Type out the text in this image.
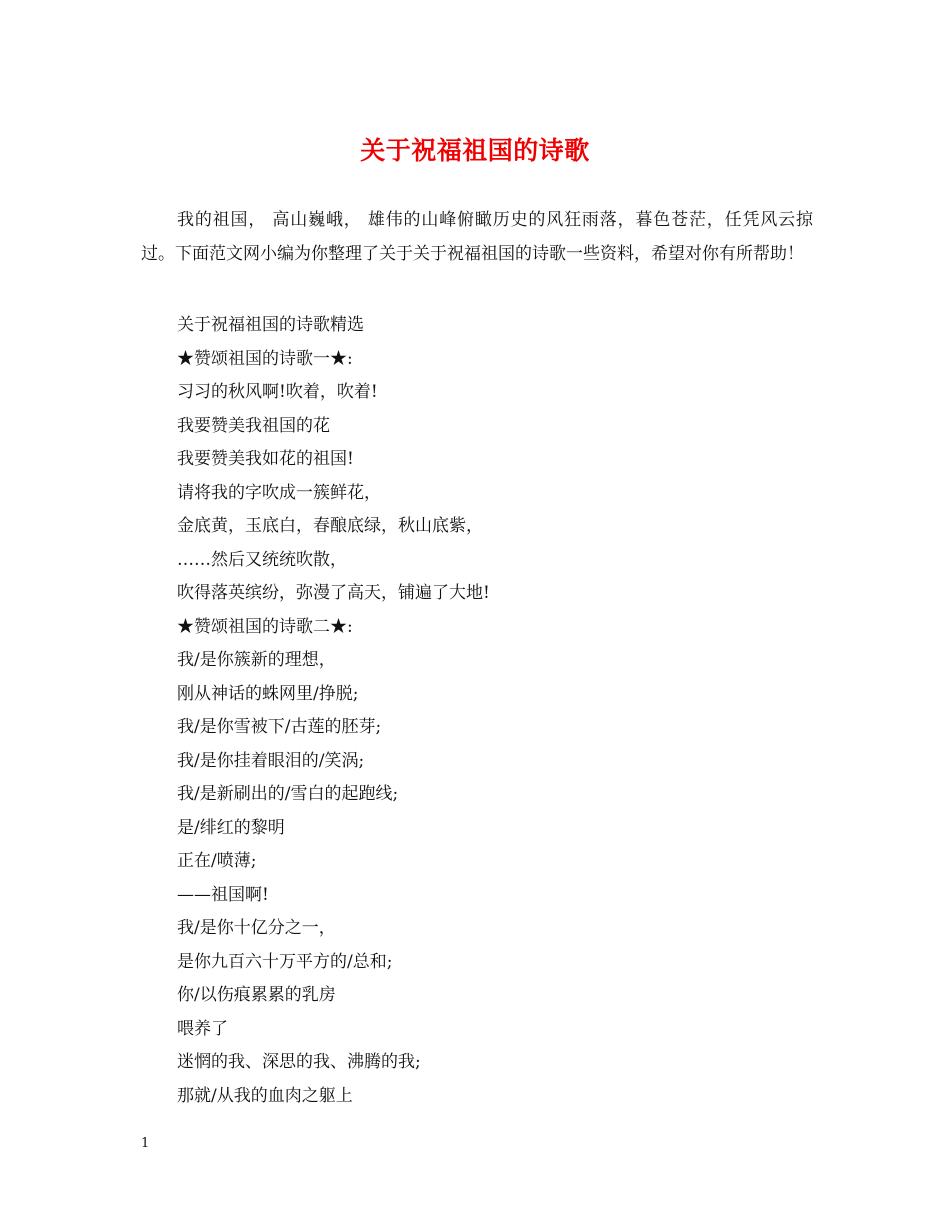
关于祝福祖国的诗歌

我的祖国， 高山巍峨， 雄伟的山峰俯瞰历史的风狂雨落，暮色苍茫，任凭风云掠过。下面范文网小编为你整理了关于关于祝福祖国的诗歌一些资料，希望对你有所帮助！

关于祝福祖国的诗歌精选
★赞颂祖国的诗歌一★:
习习的秋风啊!吹着，吹着!
我要赞美我祖国的花
我要赞美我如花的祖国!
请将我的字吹成一簇鲜花，
金底黄，玉底白，春酿底绿，秋山底紫，
……然后又统统吹散，
吹得落英缤纷，弥漫了高天，铺遍了大地!
★赞颂祖国的诗歌二★:
我/是你簇新的理想，
刚从神话的蛛网里/挣脱;
我/是你雪被下/古莲的胚芽;
我/是你挂着眼泪的/笑涡;
我/是新刷出的/雪白的起跑线;
是/绯红的黎明
正在/喷薄;
——祖国啊!
我/是你十亿分之一，
是你九百六十万平方的/总和;
你/以伤痕累累的乳房
喂养了
迷惘的我、深思的我、沸腾的我;
那就/从我的血肉之躯上
1
